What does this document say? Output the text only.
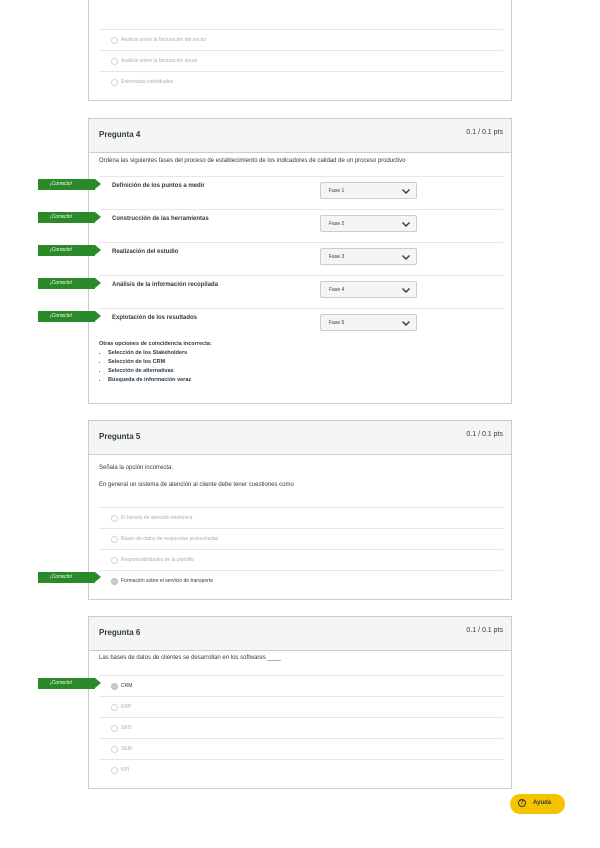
Análisis sobre la facturación del sector
Análisis sobre la facturación anual
Entrevistas individuales
Pregunta 4	0.1 / 0.1 pts
Ordena las siguientes fases del proceso de establecimiento de los indicadores de calidad de un proceso productivo
Definición de los puntos a medir
Fase 1
Construcción de las herramientas
Fase 2
Realización del estudio
Fase 3
Análisis de la información recopilada
Fase 4
Explotación de los resultados
Fase 5
Otras opciones de coincidencia incorrecta:
• Selección de los Stakeholders
• Selección de los CRM
• Selección de alternativas
• Búsqueda de información veraz
¡Correcto!
¡Correcto!
¡Correcto!
¡Correcto!
¡Correcto!
Pregunta 5	0.1 / 0.1 pts
Señala la opción incorrecta:
En general un sistema de atención al cliente debe tener cuestiones como
El horario de atención telefónica
Bases de datos de respuestas protocoladas
Responsabilidades de la plantilla
Formación sobre el servicio de transporte
¡Correcto!
Pregunta 6	0.1 / 0.1 pts
Las bases de datos de clientes se desarrollan en los softwares ____
CRM
ERP
SEO
SEM
KPI
¡Correcto!
?	Ayuda
